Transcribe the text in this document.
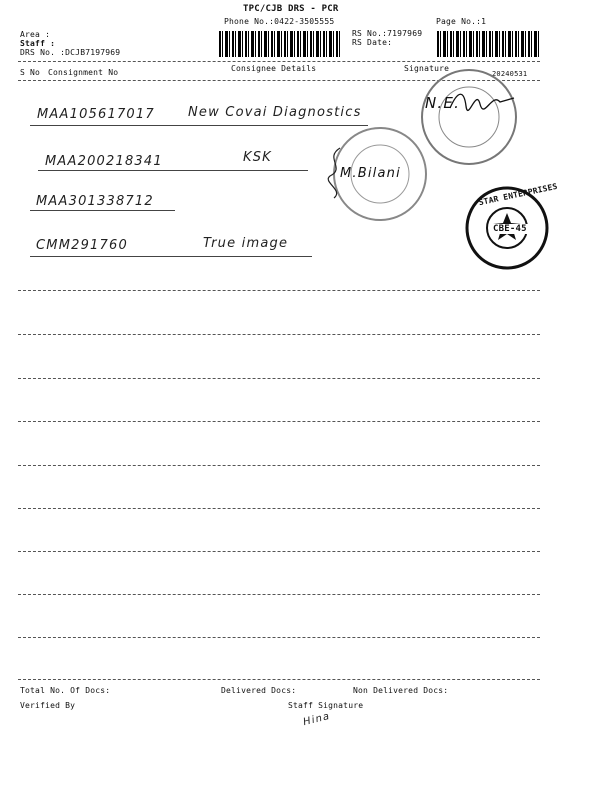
TPC/CJB DRS - PCR
Phone No.:0422-3505555	Page No.:1
Area :
Staff :
DRS No. :DCJB7197969
RS No.:7197969
RS Date:
S No Consignment No	Consignee Details	Signature
20240531
MAA105617017	New Covai Diagnostics
MAA200218341	KSK
MAA301338712
CMM291760	True image
N.E.
M.Bilani
STAR ENTERPRISES
CBE-45
Total No. Of Docs:	Delivered Docs:	Non Delivered Docs:
Verified By	Staff Signature
Hina
